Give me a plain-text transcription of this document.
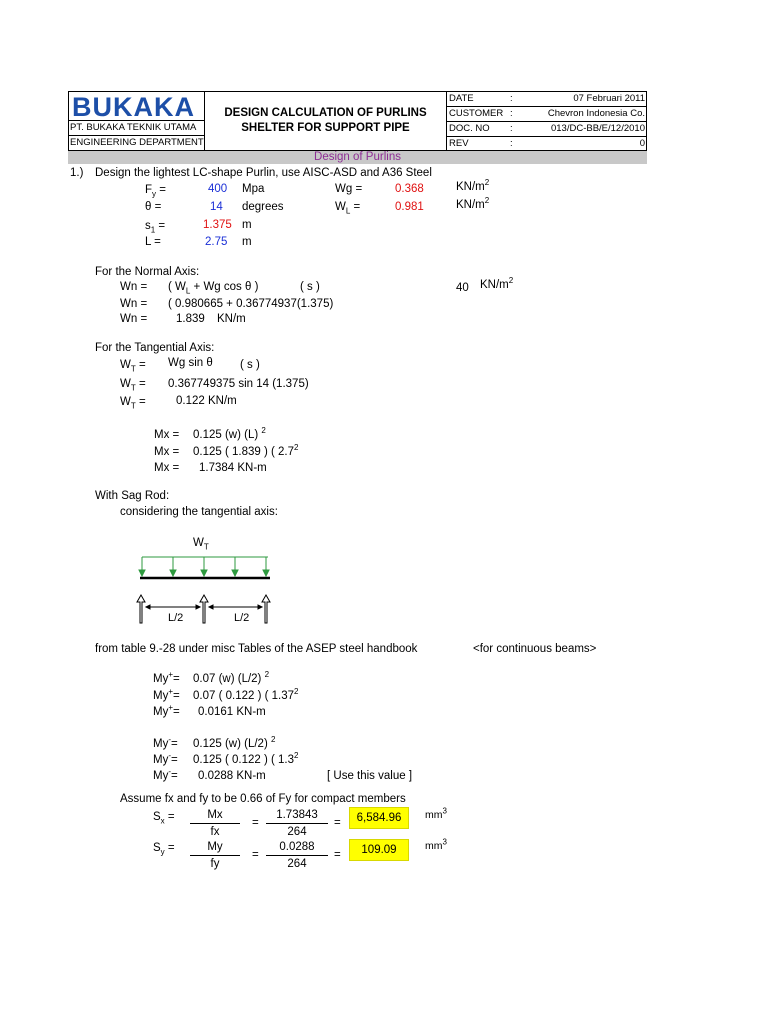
BUKAKA
PT. BUKAKA TEKNIK UTAMA
ENGINEERING DEPARTMENT
DESIGN CALCULATION OF PURLINS
SHELTER FOR SUPPORT PIPE
DATE	:	07 Februari 2011
CUSTOMER :	Chevron Indonesia Co.
DOC. NO :	013/DC-BB/E/12/2010
REV	:	0
Design of Purlins
1.) Design the lightest LC-shape Purlin, use AISC-ASD and A36 Steel
$F_y$ =	400 Mpa	Wg =	0.368	$KN/m^2$
θ =	14 degrees	$W_L$ =	0.981	$KN/m^2$
$s_1$ =	1.375 m
L =	2.75 m
For the Normal Axis:
Wn = ( $W_L + Wg$ cos θ )	( s )	40 $KN/m^2$
Wn = ( 0.980665 + 0.36774937(1.375)
Wn =	1.839 KN/m
For the Tangential Axis:
$W_T = Wg$ sin θ ( s )
$W_T = 0.367749375$ sin 14 (1.375)
$W_T$ =	0.122 KN/m
Mx = 0.125 (w) (L) $^2$
Mx = 0.125 ( 1.839 ) ( $2.7^2$
Mx = 1.7384 KN-m
With Sag Rod:
considering the tangential axis:
$W_T$
L/2	L/2
from table 9.-28 under misc Tables of the ASEP steel handbook	<for continuous beams>
My+= 0.07 (w) (L/2) $^2$
My+= 0.07 ( 0.122 ) ( 1.37$^2$
My+= 0.0161 KN-m
My-= 0.125 (w) (L/2) $^2$
My-= 0.125 ( 0.122 ) ( $1.3^2$
My-= 0.0288 KN-m	[ Use this value ]
Assume fx and fy to be 0.66 of Fy for compact members
$S_x$ =	Mx
fx
=
1.73843
264
=	6,584.96	$mm^3$
$S_y$ =	My
fy
=
0.0288
264
=	109.09	$mm^3$
